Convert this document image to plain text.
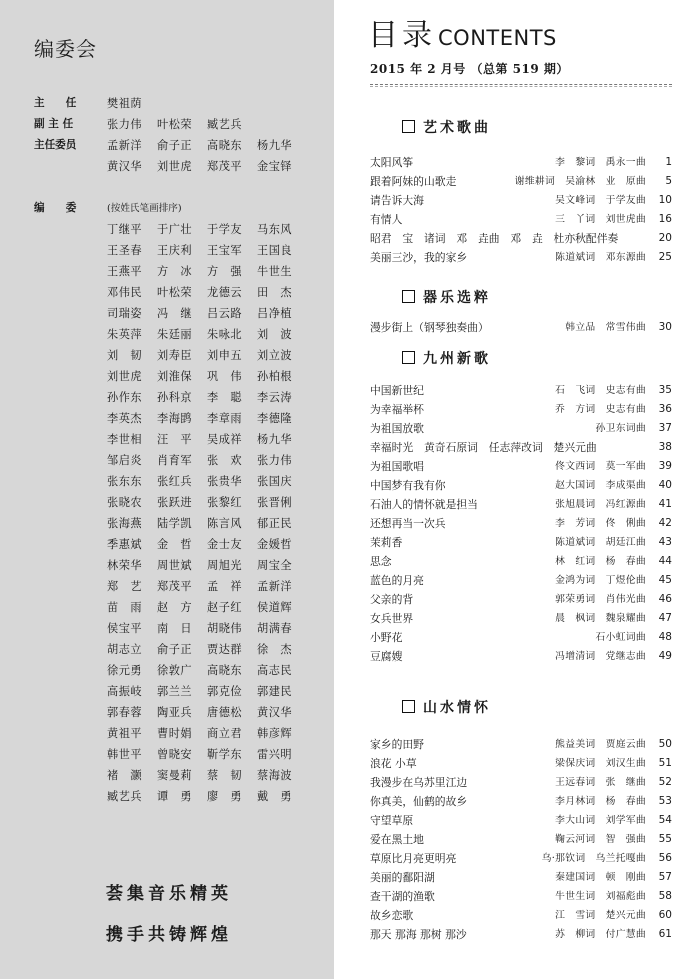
编委会
主　　任	樊祖荫
副 主 任	张力伟 叶松荣 臧艺兵
主任委员	孟新洋 俞子正 高晓东 杨九华
黄汉华 刘世虎 郑茂平 金宝铎
编　　委	(按姓氏笔画排序)
丁继平 于广壮 于学友 马东风
王圣春 王庆利 王宝军 王国良
王燕平 方　冰 方　强 牛世生
邓伟民 叶松荣 龙德云 田　杰
司瑞姿 冯　继 吕云路 吕净植
朱英萍 朱廷丽 朱咏北 刘　波
刘　韧 刘寿臣 刘申五 刘立波
刘世虎 刘淮保 巩　伟 孙柏根
孙作东 孙科京 李　聪 李云涛
李英杰 李海鹍 李章雨 李德隆
李世相 汪　平 吴成祥 杨九华
邹启炎 肖育军 张　欢 张力伟
张东东 张红兵 张贵华 张国庆
张晓农 张跃进 张黎红 张晋俐
张海燕 陆学凯 陈言风 郁正民
季惠斌 金　哲 金士友 金媛哲
林荣华 周世斌 周旭光 周宝全
郑　艺 郑茂平 孟　祥 孟新洋
苗　雨 赵　方 赵子红 侯道辉
侯宝平 南　日 胡晓伟 胡满春
胡志立 俞子正 贾达群 徐　杰
徐元勇 徐敦广 高晓东 高志民
高振岐 郭兰兰 郭克俭 郭建民
郭春蓉 陶亚兵 唐德松 黄汉华
黄祖平 曹时娟 商立君 韩彦辉
韩世平 曾晓安 靳学东 雷兴明
褚　灏 窦曼莉 蔡　韧 蔡海波
臧艺兵 谭　勇 廖　勇 戴　勇
荟集音乐精英
携手共铸辉煌
目录CONTENTS
2015 年 2 月号 （总第 519 期）
艺术歌曲
太阳风筝	李　黎词　禹永一曲	1
跟着阿妹的山歌走	谢维耕词　吴渝林　业　原曲	5
请告诉大海	吴文峰词　于学友曲	10
有情人	三　丫词　刘世虎曲	16
昭君　宝　诸词　邓　垚曲　邓　垚　杜亦秋配伴奏	20
美丽三沙，我的家乡	陈道斌词　邓东源曲	25
器乐选粹
漫步街上（钢琴独奏曲）	韩立品　常雪伟曲	30
九州新歌
中国新世纪	石　飞词　史志有曲	35
为幸福举杯	乔　方词　史志有曲	36
为祖国放歌	孙卫东词曲	37
幸福时光　黄奇石原词　任志萍改词　楚兴元曲	38
为祖国歌唱	佟文西词　莫一军曲	39
中国梦有我有你	赵大国词　李成渠曲	40
石油人的情怀就是担当	张旭晨词　冯红源曲	41
还想再当一次兵	李　芳词　佟　俐曲	42
茉莉香	陈道斌词　胡廷江曲	43
思念	林　红词　杨　春曲	44
蓝色的月亮	金鸿为词　丁煜伦曲	45
父亲的背	郭荣勇词　肖伟光曲	46
女兵世界	晨　枫词　魏泉耀曲	47
小野花	石小虹词曲	48
豆腐嫂	冯增清词　党继志曲	49
山水情怀
家乡的田野	熊益美词　贾庭云曲	50
浪花 小草	梁保庆词　刘汉生曲	51
我漫步在乌苏里江边	王远春词　张　继曲	52
你真美，仙鹤的故乡	李月林词　杨　春曲	53
守望草原	李大山词　刘学军曲	54
爱在黑土地	鞠云河词　智　强曲	55
草原比月亮更明亮	乌·那钦词　乌兰托嘎曲	56
美丽的鄱阳湖	秦建国词　顿　刚曲	57
查干湖的渔歌	牛世生词　刘福彪曲	58
故乡恋歌	江　雪词　楚兴元曲	60
那天 那海 那树 那沙	苏　柳词　付广慧曲	61
